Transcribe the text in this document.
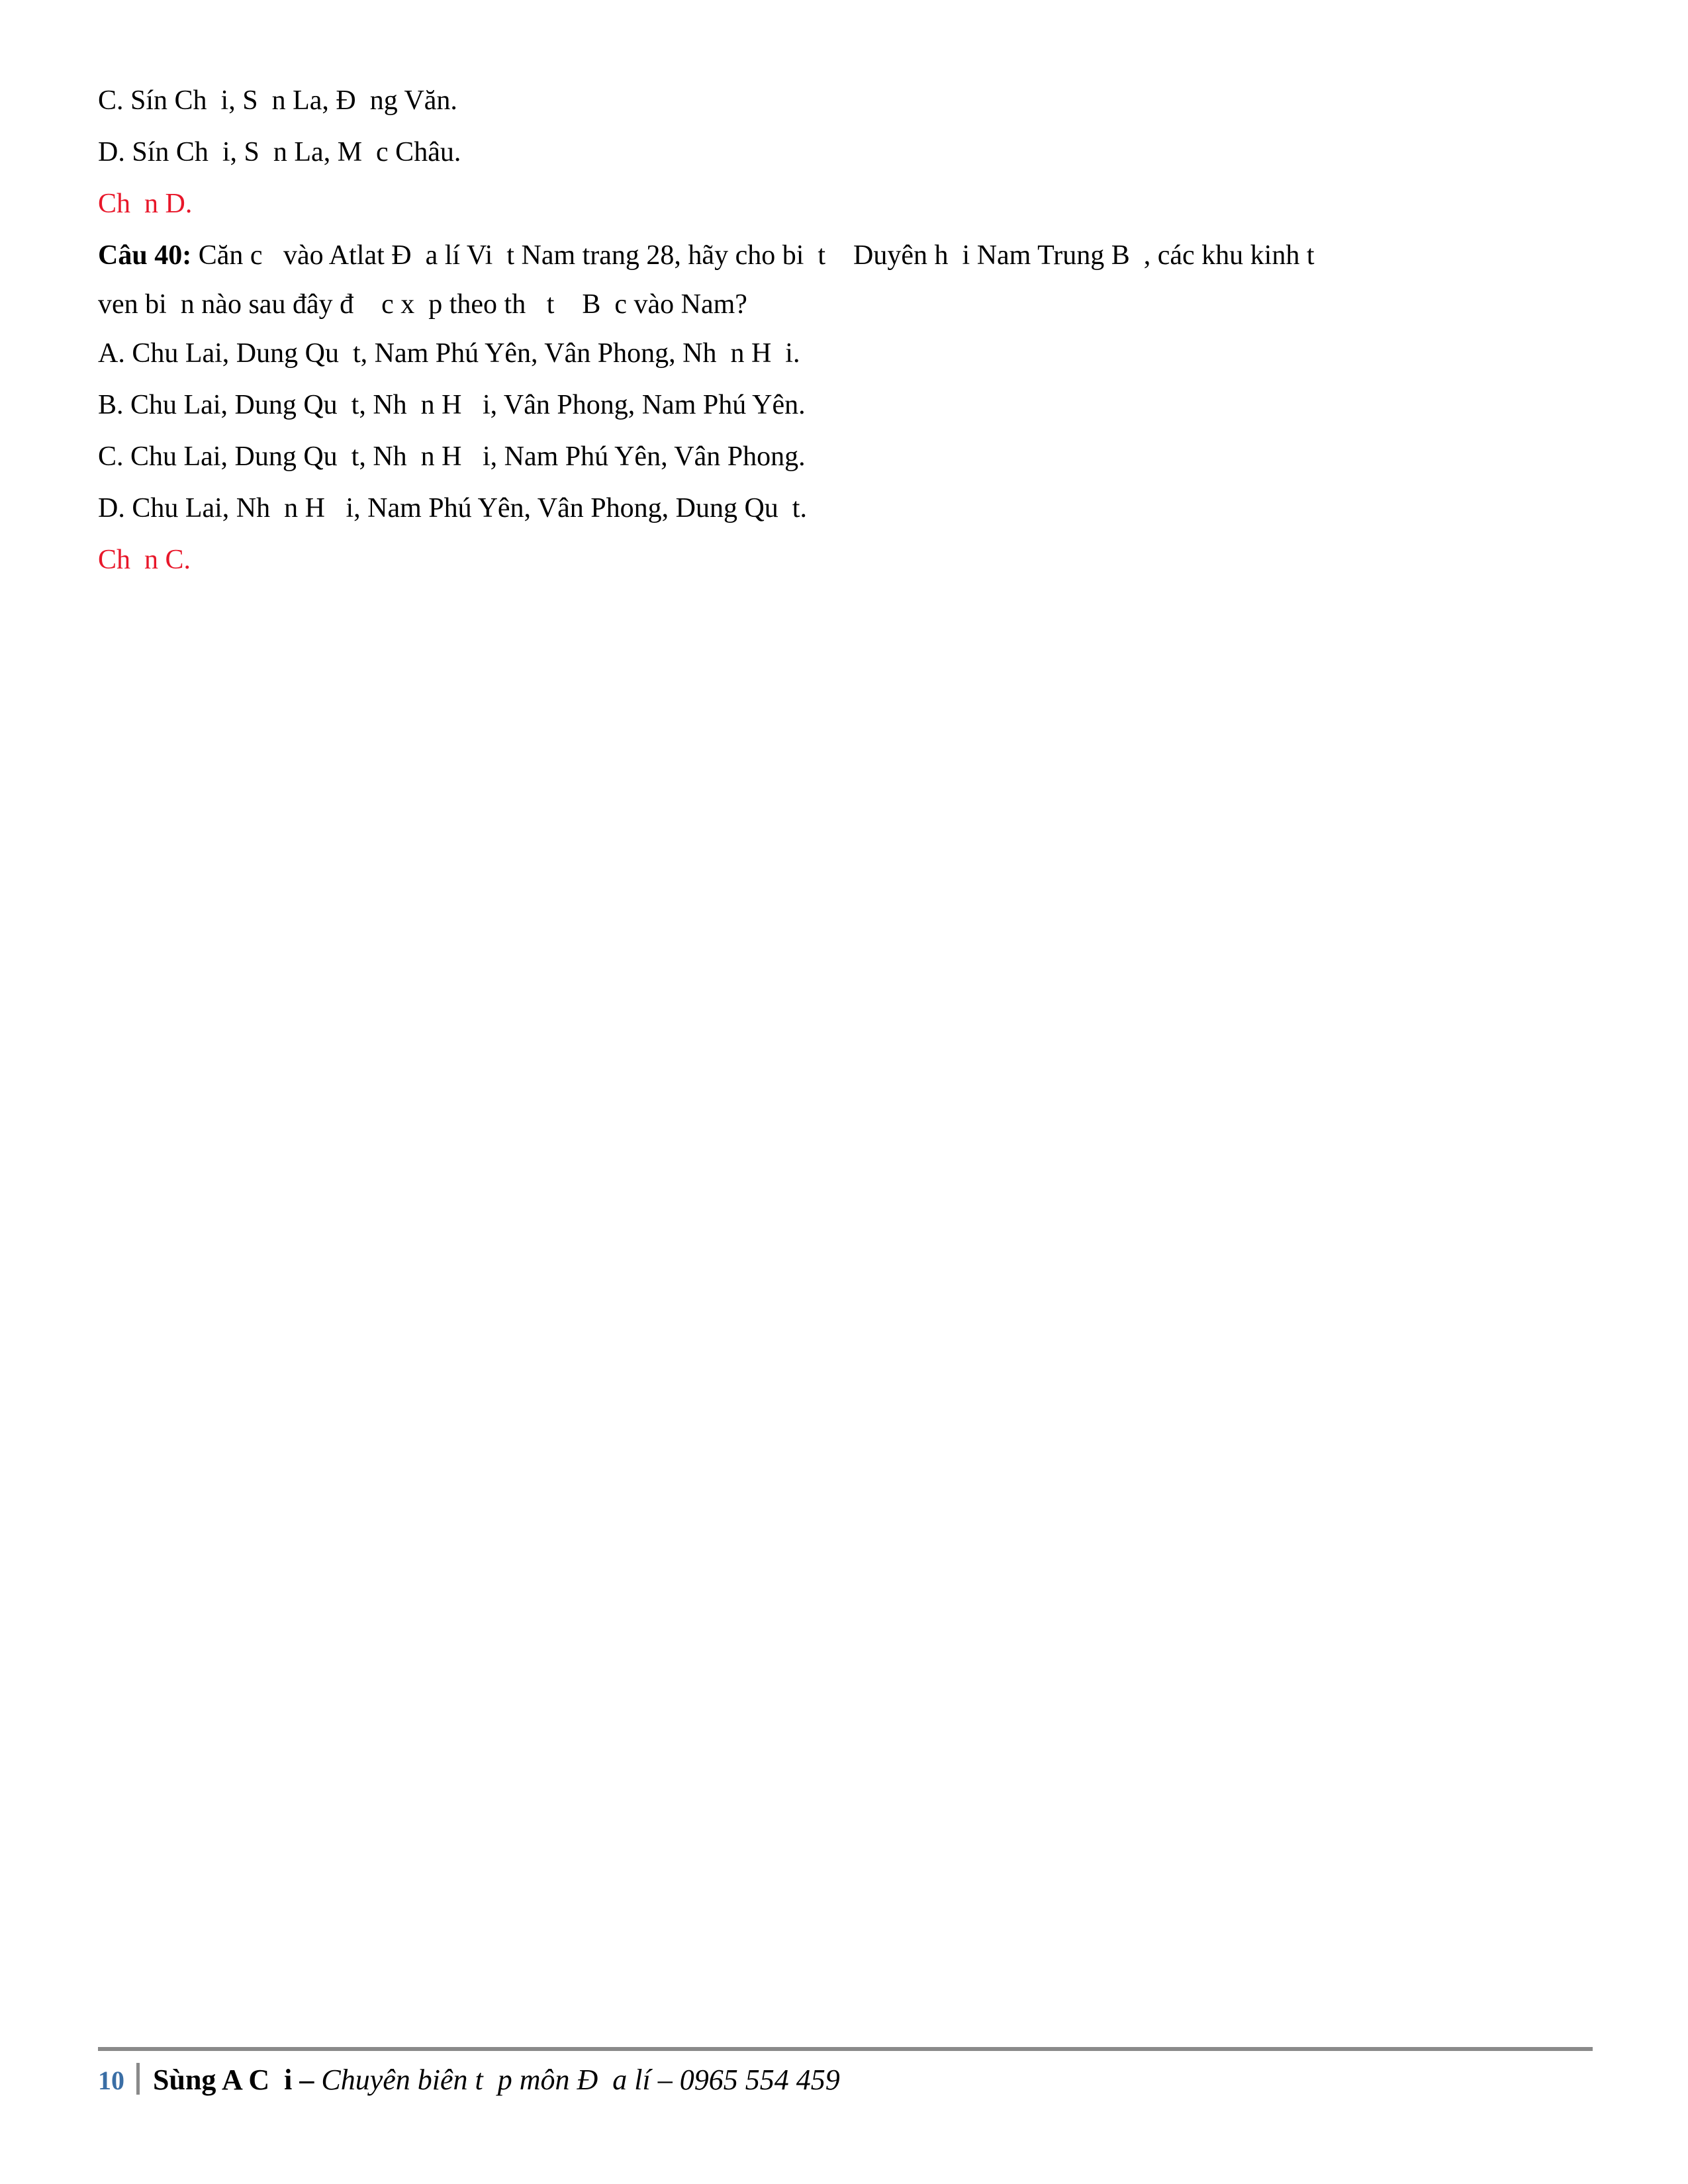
C. Sín Ch  i, S  n La, Đ  ng Văn.

D. Sín Ch  i, S  n La, M  c Châu.

Ch  n D.

Câu 40: Căn c   vào Atlat Đ  a lí Vi  t Nam trang 28, hãy cho bi  t    Duyên h  i Nam Trung B  , các khu kinh t

ven bi  n nào sau đây đ    c x  p theo th   t    B  c vào Nam?

A. Chu Lai, Dung Qu  t, Nam Phú Yên, Vân Phong, Nh  n H  i.

B. Chu Lai, Dung Qu  t, Nh  n H   i, Vân Phong, Nam Phú Yên.

C. Chu Lai, Dung Qu  t, Nh  n H   i, Nam Phú Yên, Vân Phong.

D. Chu Lai, Nh  n H   i, Nam Phú Yên, Vân Phong, Dung Qu  t.

Ch  n C.

10 Sùng A C  i – Chuyên biên t  p môn Đ  a lí – 0965 554 459
